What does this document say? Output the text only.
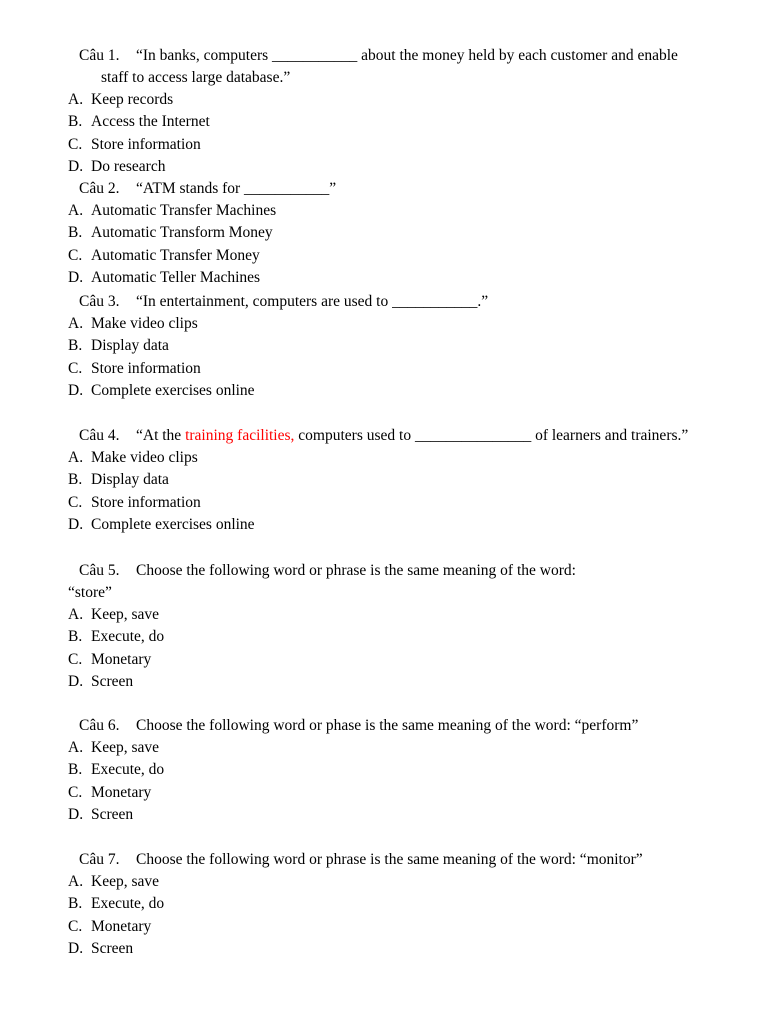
Câu 1. “In banks, computers ___________ about the money held by each customer and enable
staff to access large database.”
A. Keep records
B. Access the Internet
C. Store information
D. Do research
Câu 2. “ATM stands for ___________”
A. Automatic Transfer Machines
B. Automatic Transform Money
C. Automatic Transfer Money
D. Automatic Teller Machines
Câu 3. “In entertainment, computers are used to ___________.”
A. Make video clips
B. Display data
C. Store information
D. Complete exercises online
Câu 4. “At the training facilities, computers used to _______________ of learners and trainers.”
A. Make video clips
B. Display data
C. Store information
D. Complete exercises online
Câu 5. Choose the following word or phrase is the same meaning of the word:
“store”
A. Keep, save
B. Execute, do
C. Monetary
D. Screen
Câu 6. Choose the following word or phase is the same meaning of the word: “perform”
A. Keep, save
B. Execute, do
C. Monetary
D. Screen
Câu 7. Choose the following word or phrase is the same meaning of the word: “monitor”
A. Keep, save
B. Execute, do
C. Monetary
D. Screen
